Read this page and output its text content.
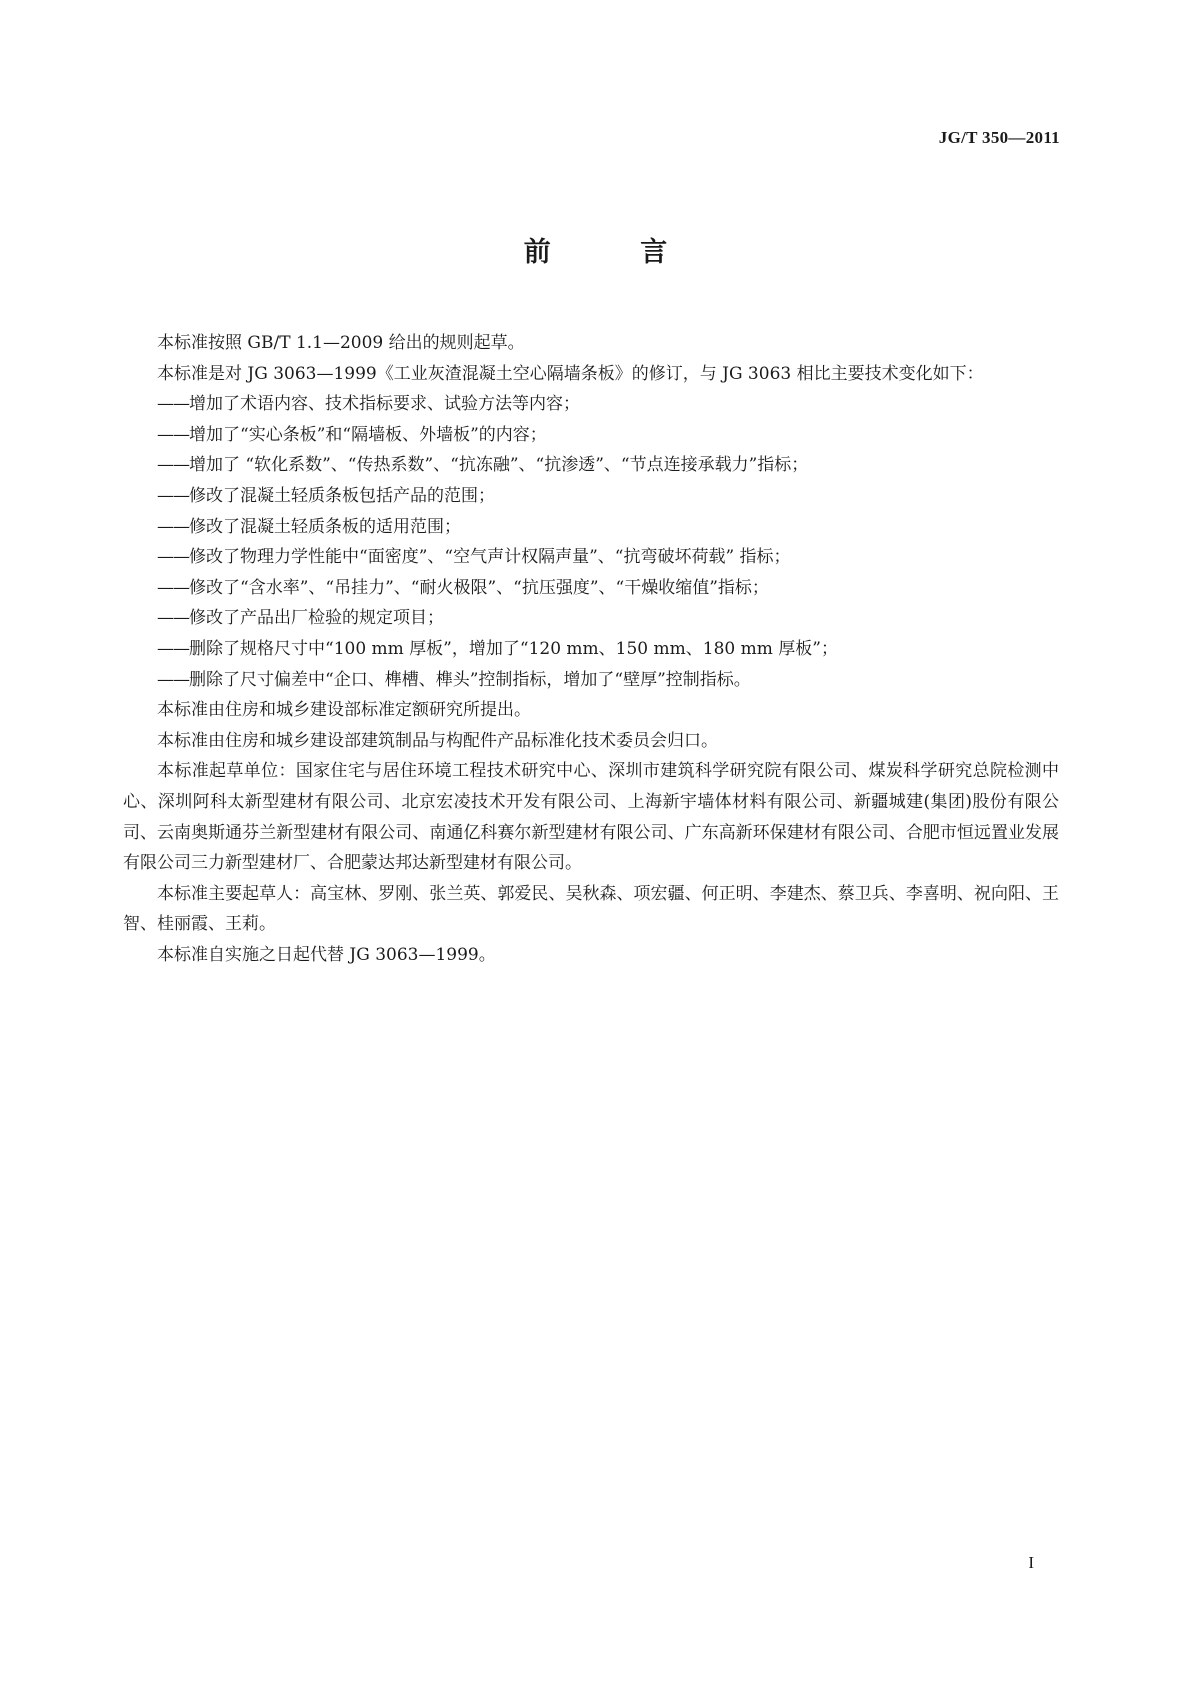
JG/T 350—2011
前 言

本标准按照 GB/T 1.1—2009 给出的规则起草。

本标准是对 JG 3063—1999《工业灰渣混凝土空心隔墙条板》的修订，与 JG 3063 相比主要技术变化如下：

——增加了术语内容、技术指标要求、试验方法等内容；
——增加了“实心条板”和“隔墙板、外墙板”的内容；
——增加了 “软化系数”、“传热系数”、“抗冻融”、“抗渗透”、“节点连接承载力”指标；
——修改了混凝土轻质条板包括产品的范围；
——修改了混凝土轻质条板的适用范围；
——修改了物理力学性能中“面密度”、“空气声计权隔声量”、“抗弯破坏荷载” 指标；
——修改了“含水率”、“吊挂力”、“耐火极限”、“抗压强度”、“干燥收缩值”指标；
——修改了产品出厂检验的规定项目；
——删除了规格尺寸中“100 mm 厚板”，增加了“120 mm、150 mm、180 mm 厚板”；
——删除了尺寸偏差中“企口、榫槽、榫头”控制指标，增加了“壁厚”控制指标。

本标准由住房和城乡建设部标准定额研究所提出。

本标准由住房和城乡建设部建筑制品与构配件产品标准化技术委员会归口。

本标准起草单位：国家住宅与居住环境工程技术研究中心、深圳市建筑科学研究院有限公司、煤炭科学研究总院检测中心、深圳阿科太新型建材有限公司、北京宏凌技术开发有限公司、上海新宇墙体材料有限公司、新疆城建(集团)股份有限公司、云南奥斯通芬兰新型建材有限公司、南通亿科赛尔新型建材有限公司、广东高新环保建材有限公司、合肥市恒远置业发展有限公司三力新型建材厂、合肥蒙达邦达新型建材有限公司。

本标准主要起草人：高宝林、罗刚、张兰英、郭爱民、吴秋森、项宏疆、何正明、李建杰、蔡卫兵、李喜明、祝向阳、王智、桂丽霞、王莉。

本标准自实施之日起代替 JG 3063—1999。

I
